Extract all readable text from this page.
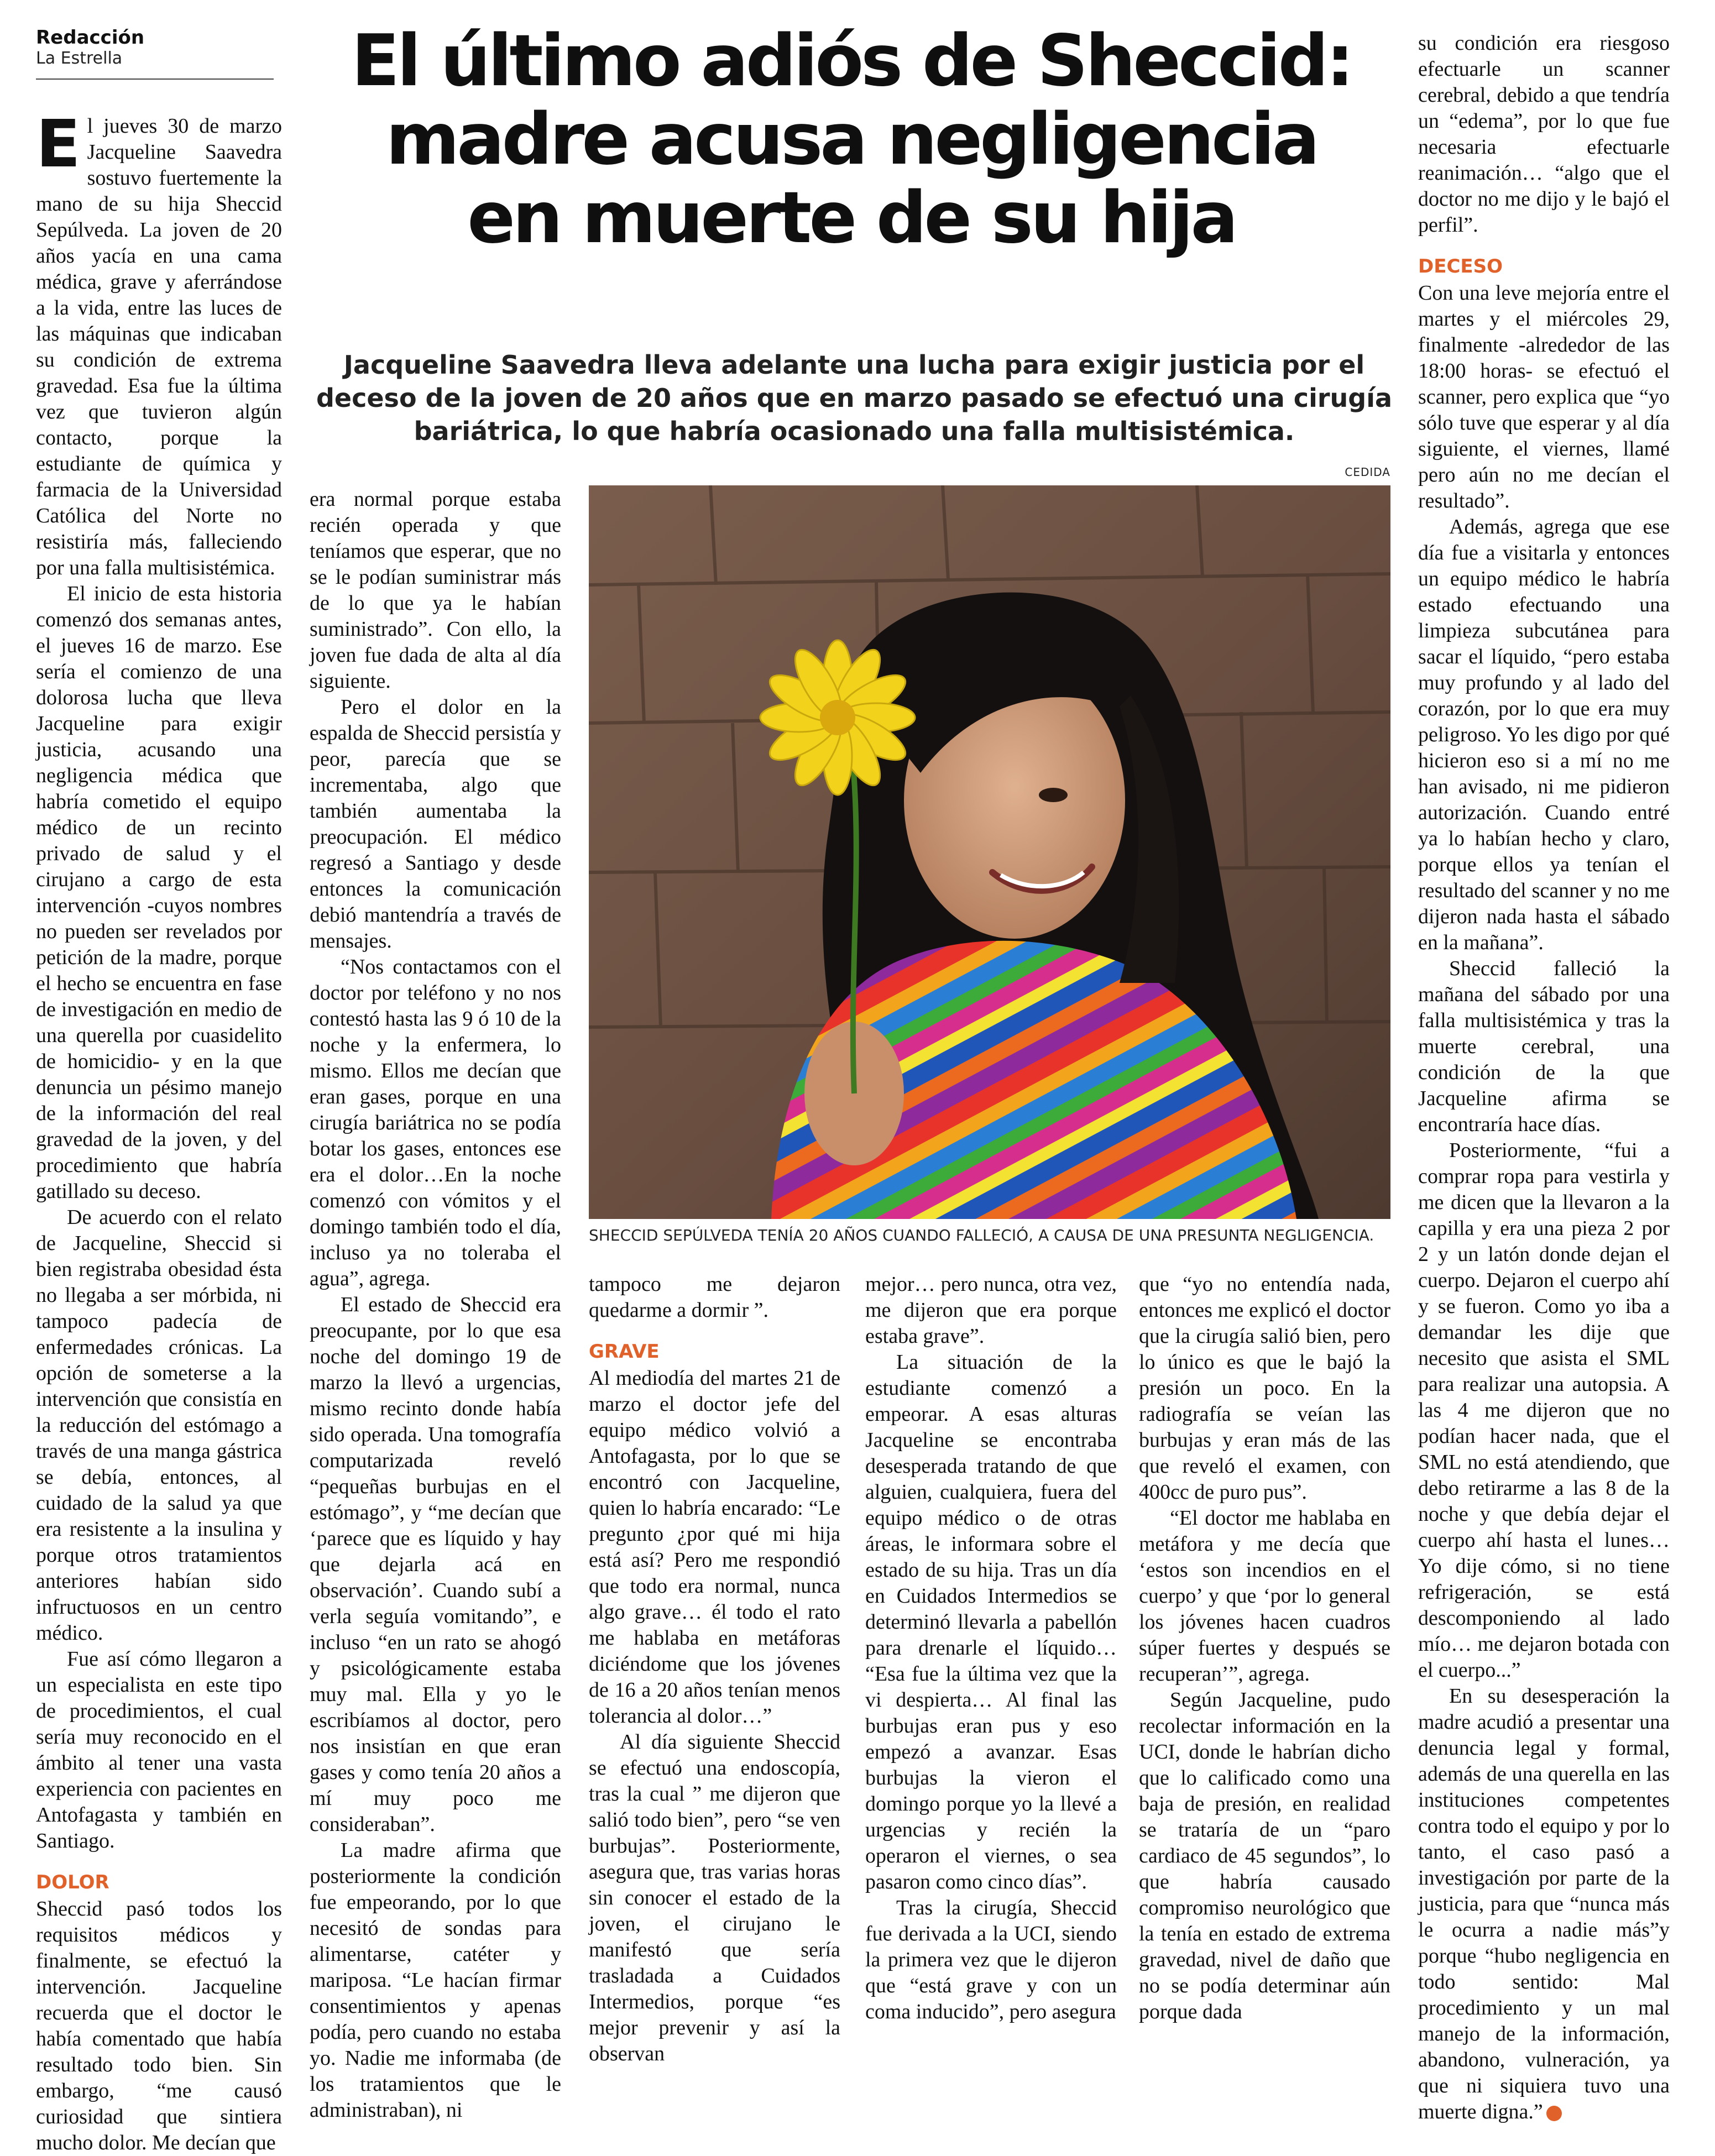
Redacción
La Estrella	El último adiós de Sheccid:
madre acusa negligencia
en muerte de su hija
Jacqueline Saavedra lleva adelante una lucha para exigir justicia por el deceso de la joven de 20 años que en marzo pasado se efectuó una cirugía bariátrica, lo que habría ocasionado una falla multisistémica.
CEDIDA
SHECCID SEPÚLVEDA TENÍA 20 AÑOS CUANDO FALLECIÓ, A CAUSA DE UNA PRESUNTA NEGLIGENCIA.

El jueves 30 de marzo Jacqueline Saavedra sostuvo fuertemente la mano de su hija Sheccid Sepúlveda. La joven de 20 años yacía en una cama médica, grave y aferrándose a la vida, entre las luces de las máquinas que indicaban su condición de extrema gravedad. Esa fue la última vez que tuvieron algún contacto, porque la estudiante de química y farmacia de la Universidad Católica del Norte no resistiría más, falleciendo por una falla multisistémica.

El inicio de esta historia comenzó dos semanas antes, el jueves 16 de marzo. Ese sería el comienzo de una dolorosa lucha que lleva Jacqueline para exigir justicia, acusando una negligencia médica que habría cometido el equipo médico de un recinto privado de salud y el cirujano a cargo de esta intervención -cuyos nombres no pueden ser revelados por petición de la madre, porque el hecho se encuentra en fase de investigación en medio de una querella por cuasidelito de homicidio- y en la que denuncia un pésimo manejo de la información del real gravedad de la joven, y del procedimiento que habría gatillado su deceso.

De acuerdo con el relato de Jacqueline, Sheccid si bien registraba obesidad ésta no llegaba a ser mórbida, ni tampoco padecía de enfermedades crónicas. La opción de someterse a la intervención que consistía en la reducción del estómago a través de una manga gástrica se debía, entonces, al cuidado de la salud ya que era resistente a la insulina y porque otros tratamientos anteriores habían sido infructuosos en un centro médico.

Fue así cómo llegaron a un especialista en este tipo de procedimientos, el cual sería muy reconocido en el ámbito al tener una vasta experiencia con pacientes en Antofagasta y también en Santiago.

DOLOR

Sheccid pasó todos los requisitos médicos y finalmente, se efectuó la intervención. Jacqueline recuerda que el doctor le había comentado que había resultado todo bien. Sin embargo, “me causó curiosidad que sintiera mucho dolor. Me decían que

era normal porque estaba recién operada y que teníamos que esperar, que no se le podían suministrar más de lo que ya le habían suministrado”. Con ello, la joven fue dada de alta al día siguiente.

Pero el dolor en la espalda de Sheccid persistía y peor, parecía que se incrementaba, algo que también aumentaba la preocupación. El médico regresó a Santiago y desde entonces la comunicación debió mantendría a través de mensajes.

“Nos contactamos con el doctor por teléfono y no nos contestó hasta las 9 ó 10 de la noche y la enfermera, lo mismo. Ellos me decían que eran gases, porque en una cirugía bariátrica no se podía botar los gases, entonces ese era el dolor…En la noche comenzó con vómitos y el domingo también todo el día, incluso ya no toleraba el agua”, agrega.

El estado de Sheccid era preocupante, por lo que esa noche del domingo 19 de marzo la llevó a urgencias, mismo recinto donde había sido operada. Una tomografía computarizada reveló “pequeñas burbujas en el estómago”, y “me decían que ‘parece que es líquido y hay que dejarla acá en observación’. Cuando subí a verla seguía vomitando”, e incluso “en un rato se ahogó y psicológicamente estaba muy mal. Ella y yo le escribíamos al doctor, pero nos insistían en que eran gases y como tenía 20 años a mí muy poco me consideraban”.

La madre afirma que posteriormente la condición fue empeorando, por lo que necesitó de sondas para alimentarse, catéter y mariposa. “Le hacían firmar consentimientos y apenas podía, pero cuando no estaba yo. Nadie me informaba (de los tratamientos que le administraban), ni

tampoco me dejaron quedarme a dormir ”.

GRAVE

Al mediodía del martes 21 de marzo el doctor jefe del equipo médico volvió a Antofagasta, por lo que se encontró con Jacqueline, quien lo habría encarado: “Le pregunto ¿por qué mi hija está así? Pero me respondió que todo era normal, nunca algo grave… él todo el rato me hablaba en metáforas diciéndome que los jóvenes de 16 a 20 años tenían menos tolerancia al dolor…”

Al día siguiente Sheccid se efectuó una endoscopía, tras la cual ” me dijeron que salió todo bien”, pero “se ven burbujas”. Posteriormente, asegura que, tras varias horas sin conocer el estado de la joven, el cirujano le manifestó que sería trasladada a Cuidados Intermedios, porque “es mejor prevenir y así la observan

mejor… pero nunca, otra vez, me dijeron que era porque estaba grave”.

La situación de la estudiante comenzó a empeorar. A esas alturas Jacqueline se encontraba desesperada tratando de que alguien, cualquiera, fuera del equipo médico o de otras áreas, le informara sobre el estado de su hija. Tras un día en Cuidados Intermedios se determinó llevarla a pabellón para drenarle el líquido… “Esa fue la última vez que la vi despierta… Al final las burbujas eran pus y eso empezó a avanzar. Esas burbujas la vieron el domingo porque yo la llevé a urgencias y recién la operaron el viernes, o sea pasaron como cinco días”.

Tras la cirugía, Sheccid fue derivada a la UCI, siendo la primera vez que le dijeron que “está grave y con un coma inducido”, pero asegura

que “yo no entendía nada, entonces me explicó el doctor que la cirugía salió bien, pero lo único es que le bajó la presión un poco. En la radiografía se veían las burbujas y eran más de las que reveló el examen, con 400cc de puro pus”.

“El doctor me hablaba en metáfora y me decía que ‘estos son incendios en el cuerpo’ y que ‘por lo general los jóvenes hacen cuadros súper fuertes y después se recuperan’”, agrega.

Según Jacqueline, pudo recolectar información en la UCI, donde le habrían dicho que lo calificado como una baja de presión, en realidad se trataría de un “paro cardiaco de 45 segundos”, lo que habría causado compromiso neurológico que la tenía en estado de extrema gravedad, nivel de daño que no se podía determinar aún porque dada

su condición era riesgoso efectuarle un scanner cerebral, debido a que tendría un “edema”, por lo que fue necesaria efectuarle reanimación… “algo que el doctor no me dijo y le bajó el perfil”.

DECESO

Con una leve mejoría entre el martes y el miércoles 29, finalmente -alrededor de las 18:00 horas- se efectuó el scanner, pero explica que “yo sólo tuve que esperar y al día siguiente, el viernes, llamé pero aún no me decían el resultado”.

Además, agrega que ese día fue a visitarla y entonces un equipo médico le habría estado efectuando una limpieza subcutánea para sacar el líquido, “pero estaba muy profundo y al lado del corazón, por lo que era muy peligroso. Yo les digo por qué hicieron eso si a mí no me han avisado, ni me pidieron autorización. Cuando entré ya lo habían hecho y claro, porque ellos ya tenían el resultado del scanner y no me dijeron nada hasta el sábado en la mañana”.

Sheccid falleció la mañana del sábado por una falla multisistémica y tras la muerte cerebral, una condición de la que Jacqueline afirma se encontraría hace días.

Posteriormente, “fui a comprar ropa para vestirla y me dicen que la llevaron a la capilla y era una pieza 2 por 2 y un latón donde dejan el cuerpo. Dejaron el cuerpo ahí y se fueron. Como yo iba a demandar les dije que necesito que asista el SML para realizar una autopsia. A las 4 me dijeron que no podían hacer nada, que el SML no está atendiendo, que debo retirarme a las 8 de la noche y que debía dejar el cuerpo ahí hasta el lunes… Yo dije cómo, si no tiene refrigeración, se está descomponiendo al lado mío… me dejaron botada con el cuerpo...”

En su desesperación la madre acudió a presentar una denuncia legal y formal, además de una querella en las instituciones competentes contra todo el equipo y por lo tanto, el caso pasó a investigación por parte de la justicia, para que “nunca más le ocurra a nadie más”y porque “hubo negligencia en todo sentido: Mal procedimiento y un mal manejo de la información, abandono, vulneración, ya que ni siquiera tuvo una muerte digna.”	✪
